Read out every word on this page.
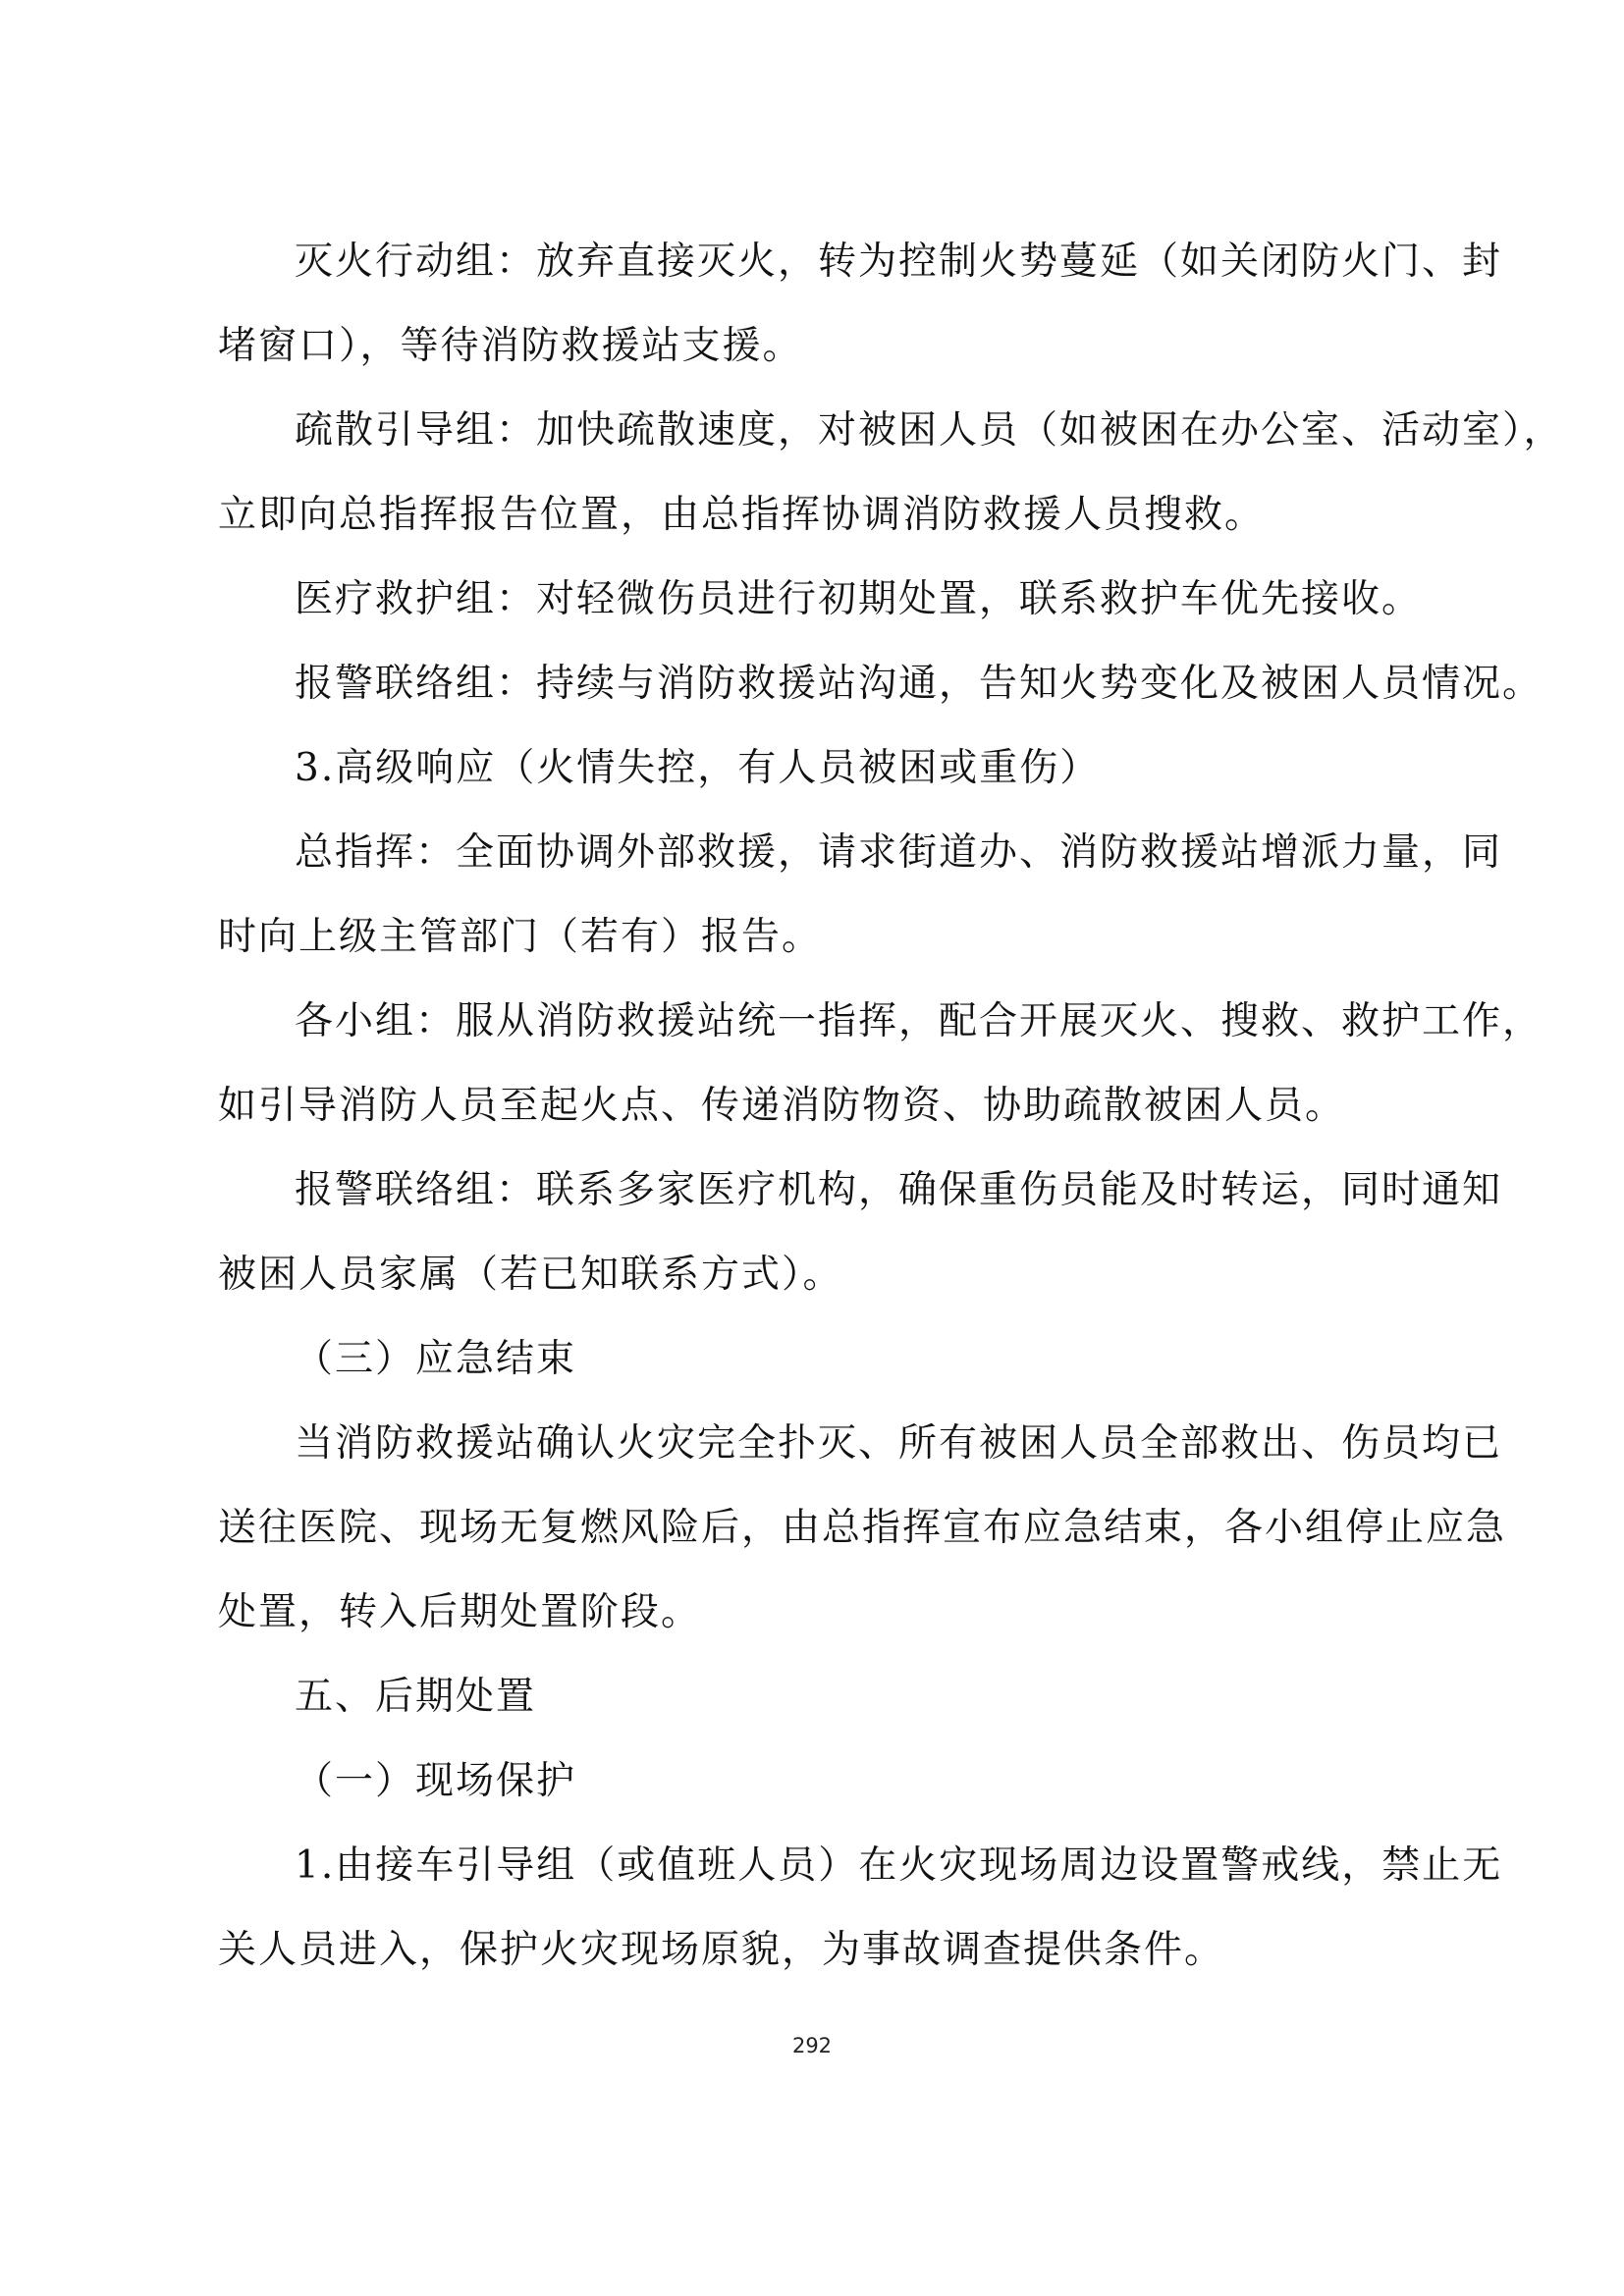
灭火行动组：放弃直接灭火，转为控制火势蔓延（如关闭防火门、封
堵窗口），等待消防救援站支援。
疏散引导组：加快疏散速度，对被困人员（如被困在办公室、活动室），
立即向总指挥报告位置，由总指挥协调消防救援人员搜救。
医疗救护组：对轻微伤员进行初期处置，联系救护车优先接收。
报警联络组：持续与消防救援站沟通，告知火势变化及被困人员情况。
3.高级响应（火情失控，有人员被困或重伤）
总指挥：全面协调外部救援，请求街道办、消防救援站增派力量，同
时向上级主管部门（若有）报告。
各小组：服从消防救援站统一指挥，配合开展灭火、搜救、救护工作，
如引导消防人员至起火点、传递消防物资、协助疏散被困人员。
报警联络组：联系多家医疗机构，确保重伤员能及时转运，同时通知
被困人员家属（若已知联系方式）。
（三）应急结束
当消防救援站确认火灾完全扑灭、所有被困人员全部救出、伤员均已
送往医院、现场无复燃风险后，由总指挥宣布应急结束，各小组停止应急
处置，转入后期处置阶段。
五、后期处置
（一）现场保护
1.由接车引导组（或值班人员）在火灾现场周边设置警戒线，禁止无
关人员进入，保护火灾现场原貌，为事故调查提供条件。
292
